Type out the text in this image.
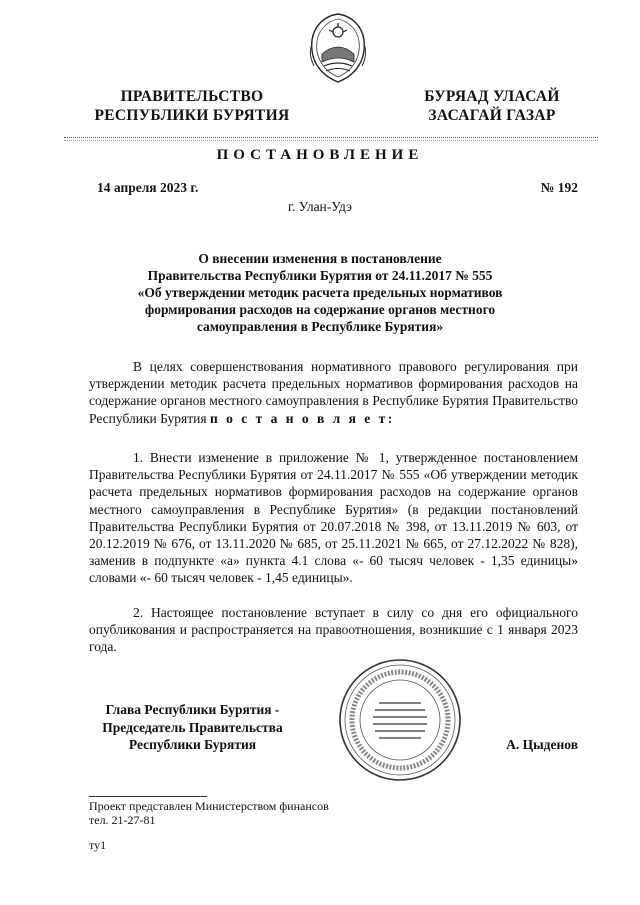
ПРАВИТЕЛЬСТВО
РЕСПУБЛИКИ БУРЯТИЯ
БУРЯАД УЛАСАЙ
ЗАСАГАЙ ГАЗАР
ПОСТАНОВЛЕНИЕ
14 апреля 2023 г.	№ 192
г. Улан-Удэ
О внесении изменения в постановление
Правительства Республики Бурятия от 24.11.2017 № 555
«Об утверждении методик расчета предельных нормативов
формирования расходов на содержание органов местного
самоуправления в Республике Бурятия»
В целях совершенствования нормативного правового регулирования при утверждении методик расчета предельных нормативов формирования расходов на содержание органов местного самоуправления в Республике Бурятия Правительство Республики Бурятия п о с т а н о в л я е т:
1. Внести изменение в приложение № 1, утвержденное постановлением Правительства Республики Бурятия от 24.11.2017 № 555 «Об утверждении методик расчета предельных нормативов формирования расходов на содержание органов местного самоуправления в Республике Бурятия» (в редакции постановлений Правительства Республики Бурятия от 20.07.2018 № 398, от 13.11.2019 № 603, от 20.12.2019 № 676, от 13.11.2020 № 685, от 25.11.2021 № 665, от 27.12.2022 № 828), заменив в подпункте «а» пункта 4.1 слова «- 60 тысяч человек - 1,35 единицы» словами «- 60 тысяч человек - 1,45 единицы».
2. Настоящее постановление вступает в силу со дня его официального опубликования и распространяется на правоотношения, возникшие с 1 января 2023 года.
Глава Республики Бурятия -
Председатель Правительства
Республики Бурятия	А. Цыденов
Проект представлен Министерством финансов
тел. 21-27-81
ту1
